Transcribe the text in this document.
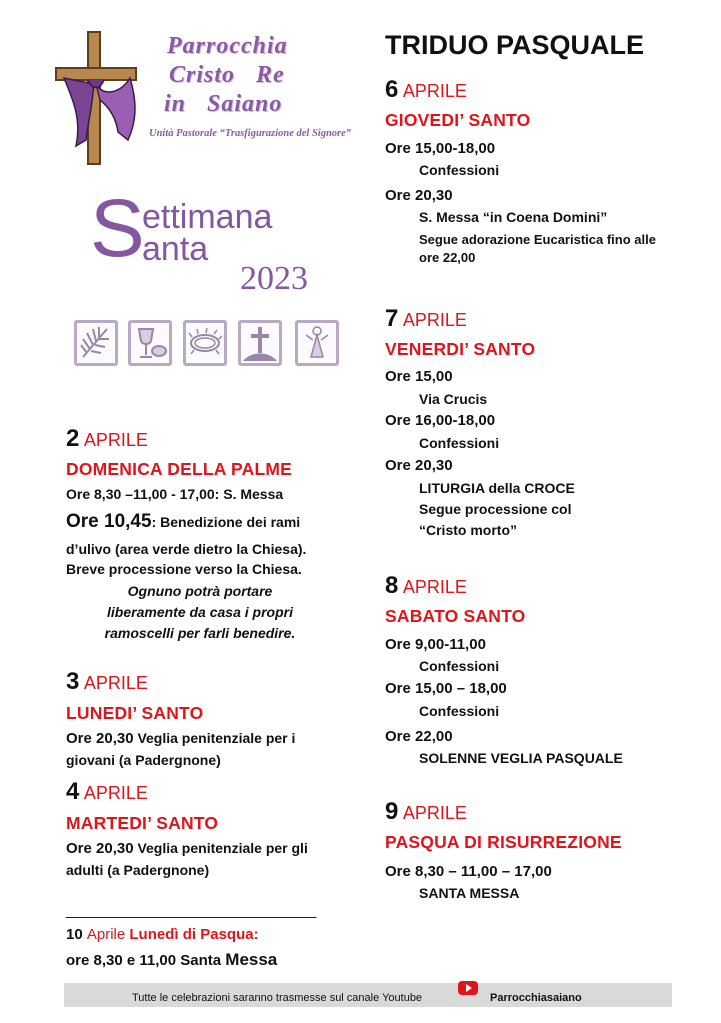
Parrocchia
Cristo   Re
in   Saiano
Unità Pastorale “Trasfigurazione del Signore”
S
ettimana
anta
2023
2 APRILE
DOMENICA DELLA PALME
Ore 8,30 –11,00 - 17,00: S. Messa
Ore 10,45: Benedizione dei rami
d’ulivo (area verde dietro la Chiesa).
Breve processione verso la Chiesa.
Ognuno potrà portare
liberamente da casa i propri
ramoscelli per farli benedire.
3 APRILE
LUNEDI’ SANTO
Ore 20,30 Veglia penitenziale per i
giovani (a Padergnone)
4 APRILE
MARTEDI’ SANTO
Ore 20,30 Veglia penitenziale per gli
adulti (a Padergnone)
______________________________
10 Aprile Lunedì di Pasqua:
ore 8,30 e 11,00 Santa Messa
TRIDUO PASQUALE
6 APRILE
GIOVEDI’ SANTO
Ore 15,00-18,00
Confessioni
Ore 20,30
S. Messa “in Coena Domini”
Segue adorazione Eucaristica fino alle
ore 22,00
7 APRILE
VENERDI’ SANTO
Ore 15,00
Via Crucis
Ore 16,00-18,00
Confessioni
Ore 20,30
LITURGIA della CROCE
Segue processione col
“Cristo morto”
8 APRILE
SABATO SANTO
Ore 9,00-11,00
Confessioni
Ore 15,00 – 18,00
Confessioni
Ore 22,00
SOLENNE VEGLIA PASQUALE
9 APRILE
PASQUA DI RISURREZIONE
Ore 8,30 – 11,00 – 17,00
SANTA MESSA
Tutte le celebrazioni saranno trasmesse sul canale Youtube	Parrocchiasaiano
